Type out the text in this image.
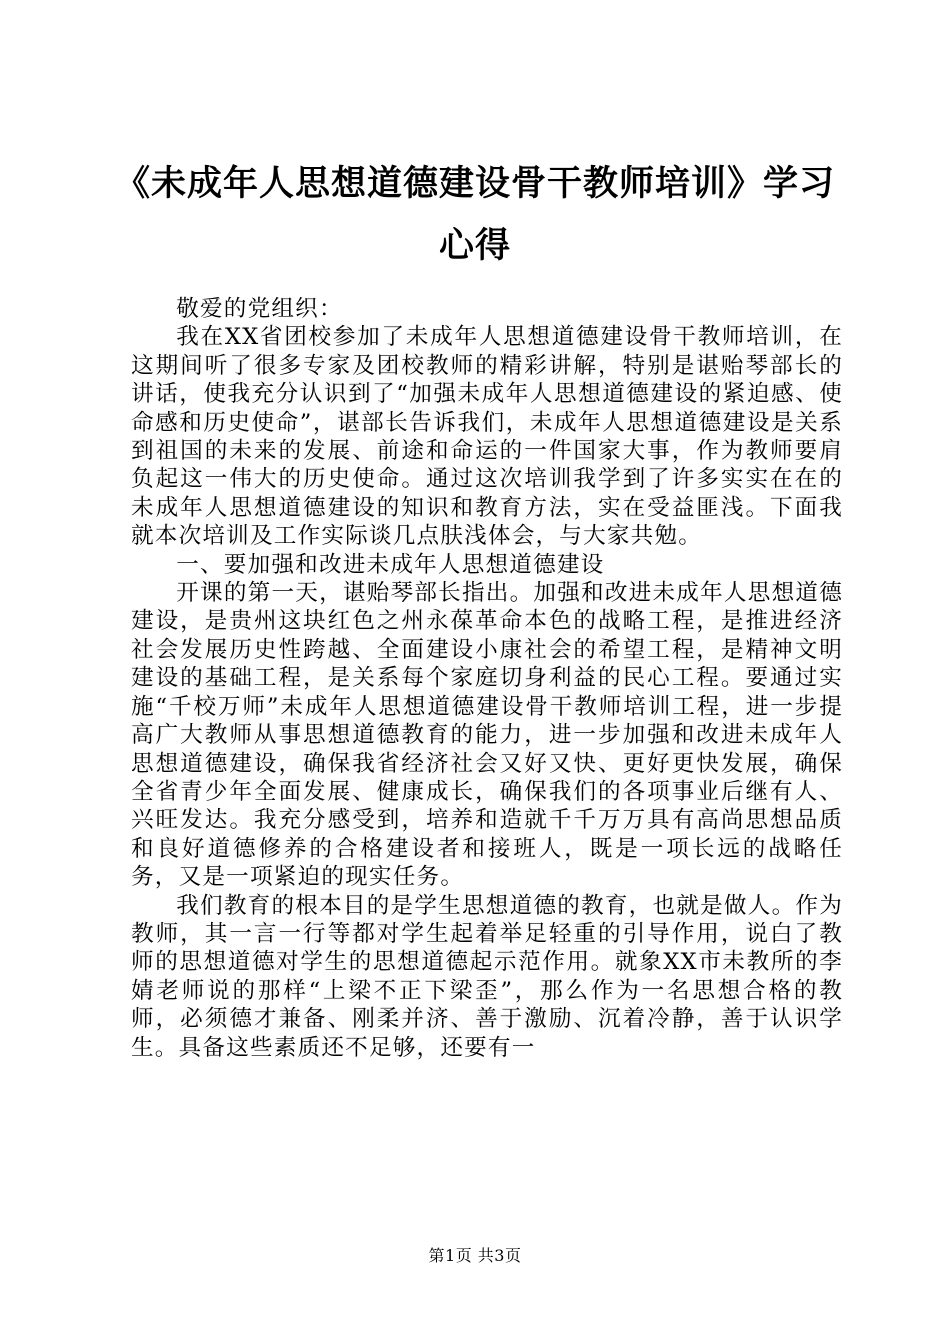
《未成年人思想道德建设骨干教师培训》学习
心得

敬爱的党组织：

我在XX省团校参加了未成年人思想道德建设骨干教师培训，在这期间听了很多专家及团校教师的精彩讲解，特别是谌贻琴部长的讲话，使我充分认识到了“加强未成年人思想道德建设的紧迫感、使命感和历史使命”，谌部长告诉我们，未成年人思想道德建设是关系到祖国的未来的发展、前途和命运的一件国家大事，作为教师要肩负起这一伟大的历史使命。通过这次培训我学到了许多实实在在的未成年人思想道德建设的知识和教育方法，实在受益匪浅。下面我就本次培训及工作实际谈几点肤浅体会，与大家共勉。

一、要加强和改进未成年人思想道德建设

开课的第一天，谌贻琴部长指出。加强和改进未成年人思想道德建设，是贵州这块红色之州永葆革命本色的战略工程，是推进经济社会发展历史性跨越、全面建设小康社会的希望工程，是精神文明建设的基础工程，是关系每个家庭切身利益的民心工程。要通过实施“千校万师”未成年人思想道德建设骨干教师培训工程，进一步提高广大教师从事思想道德教育的能力，进一步加强和改进未成年人思想道德建设，确保我省经济社会又好又快、更好更快发展，确保全省青少年全面发展、健康成长，确保我们的各项事业后继有人、兴旺发达。我充分感受到，培养和造就千千万万具有高尚思想品质和良好道德修养的合格建设者和接班人，既是一项长远的战略任务，又是一项紧迫的现实任务。

我们教育的根本目的是学生思想道德的教育，也就是做人。作为教师，其一言一行等都对学生起着举足轻重的引导作用，说白了教师的思想道德对学生的思想道德起示范作用。就象XX市未教所的李婧老师说的那样“上梁不正下梁歪”，那么作为一名思想合格的教师，必须德才兼备、刚柔并济、善于激励、沉着冷静，善于认识学生。具备这些素质还不足够，还要有一

第1页 共3页
